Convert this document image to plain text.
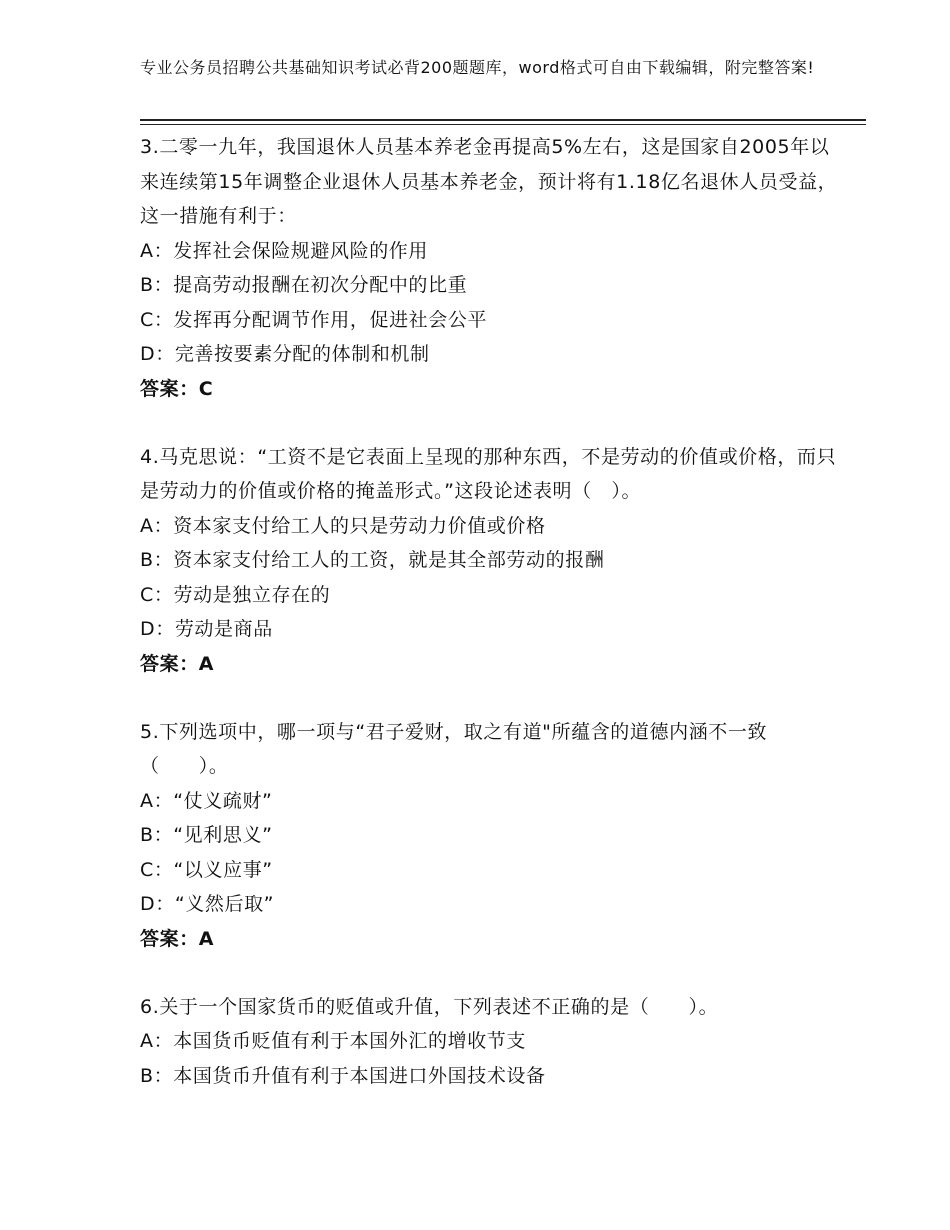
专业公务员招聘公共基础知识考试必背200题题库，word格式可自由下载编辑，附完整答案!

3.二零一九年，我国退休人员基本养老金再提高5%左右，这是国家自2005年以来连续第15年调整企业退休人员基本养老金，预计将有1.18亿名退休人员受益，这一措施有利于：

A：发挥社会保险规避风险的作用

B：提高劳动报酬在初次分配中的比重

C：发挥再分配调节作用，促进社会公平

D：完善按要素分配的体制和机制

答案：C

4.马克思说：“工资不是它表面上呈现的那种东西，不是劳动的价值或价格，而只是劳动力的价值或价格的掩盖形式。”这段论述表明（　）。

A：资本家支付给工人的只是劳动力价值或价格

B：资本家支付给工人的工资，就是其全部劳动的报酬

C：劳动是独立存在的

D：劳动是商品

答案：A

5.下列选项中，哪一项与“君子爱财，取之有道"所蕴含的道德内涵不一致（　　）。

A：“仗义疏财”

B：“见利思义”

C：“以义应事”

D：“义然后取”

答案：A

6.关于一个国家货币的贬值或升值，下列表述不正确的是（　　）。

A：本国货币贬值有利于本国外汇的增收节支

B：本国货币升值有利于本国进口外国技术设备
